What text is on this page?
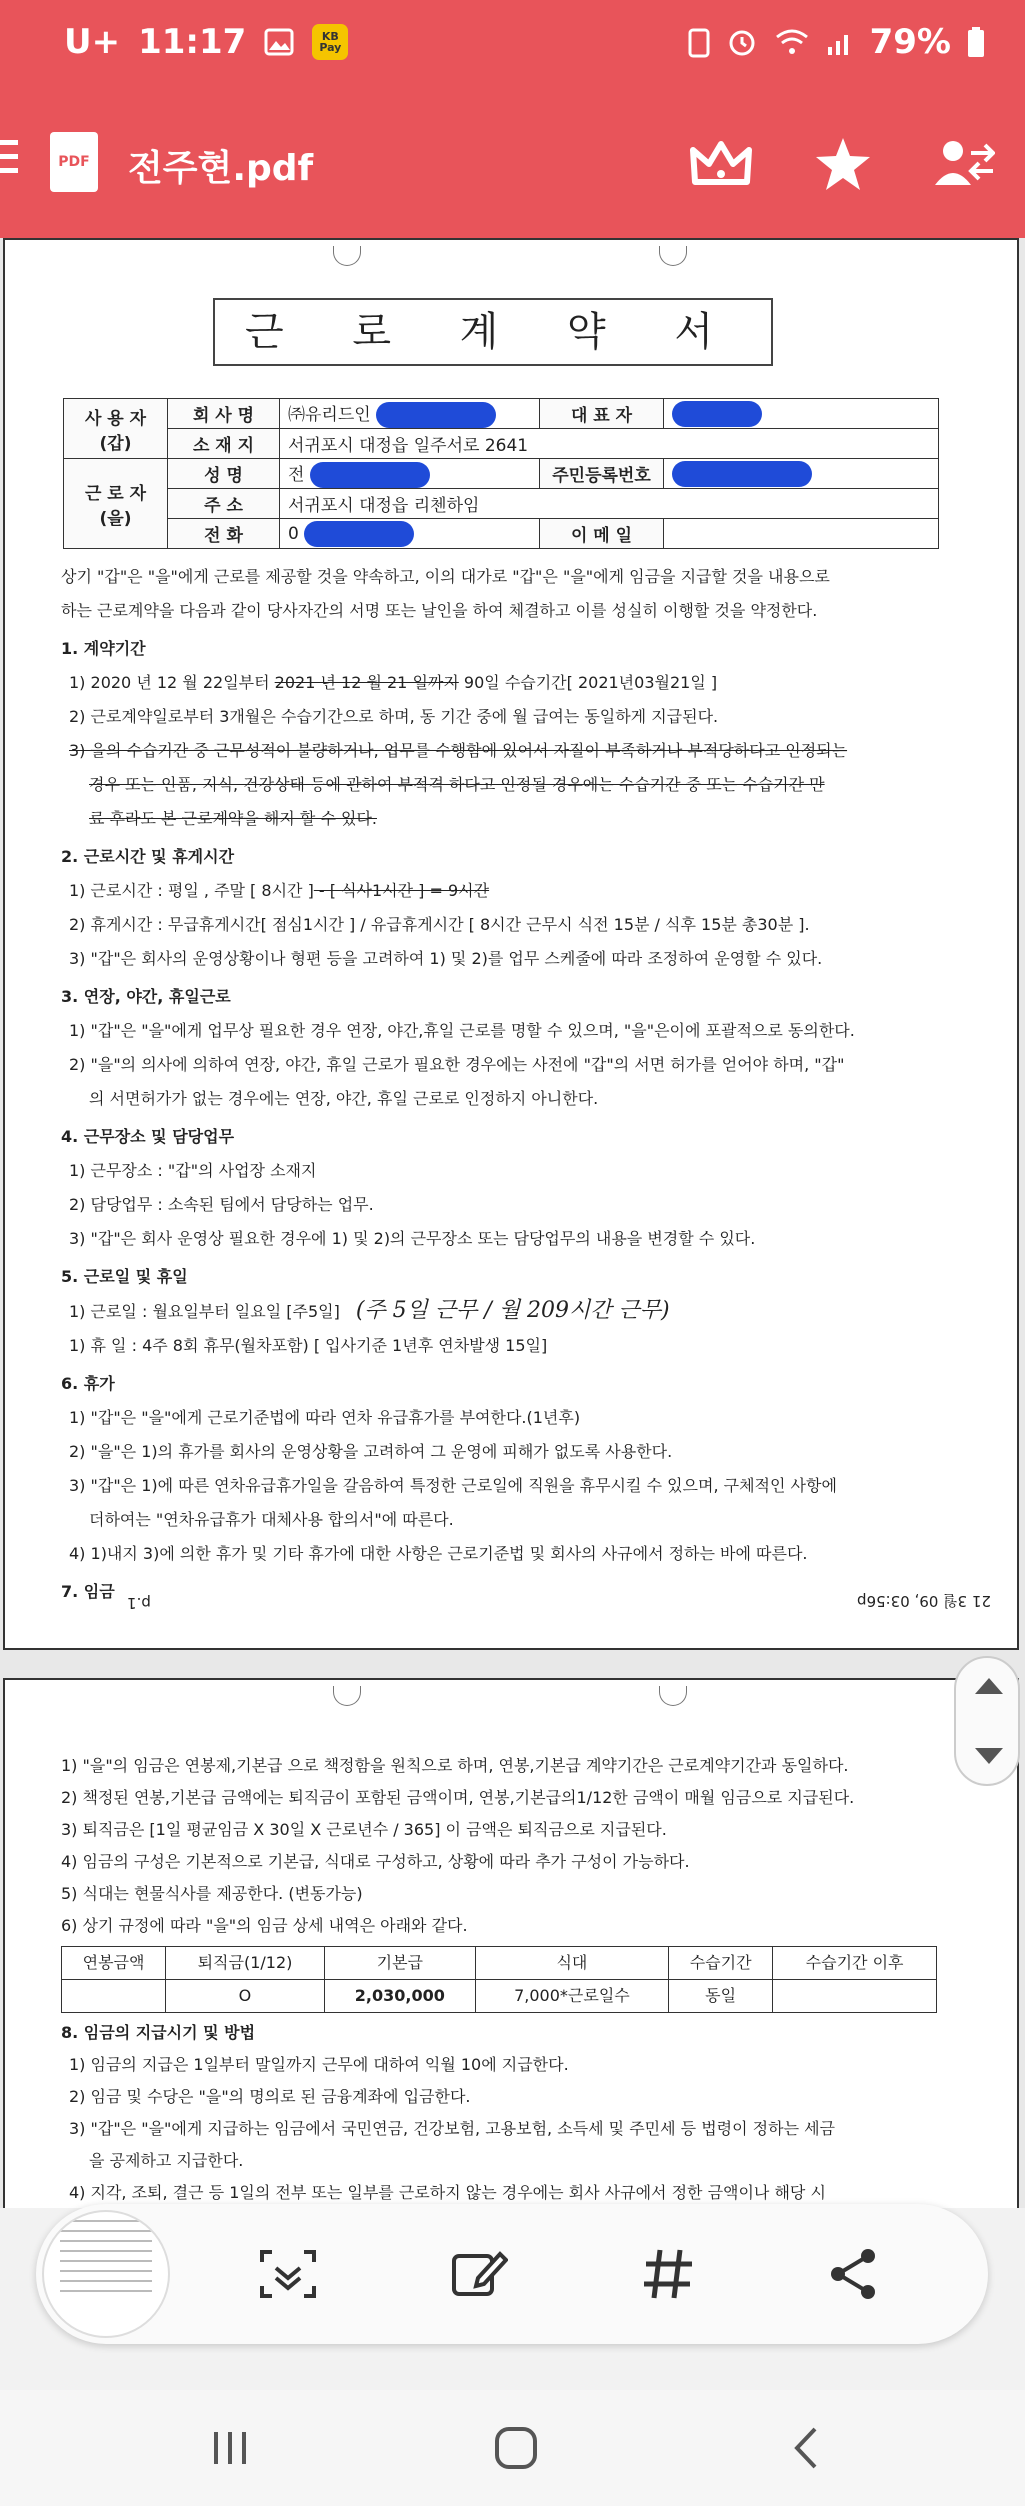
U+ 11:17	KB Pay	79%
PDF 전주현.pdf
근 로 계 약 서
사 용 자
(갑)	회 사 명	㈜유리드인	대 표 자	
	소 재 지	서귀포시 대정읍 일주서로 2641		
근 로 자
(을)	성 명	전	주민등록번호	
	주 소	서귀포시 대정읍 리첸하임		
	전 화	0	이 메 일	

상기 "갑"은 "을"에게 근로를 제공할 것을 약속하고, 이의 대가로 "갑"은 "을"에게 임금을 지급할 것을 내용으로

하는 근로계약을 다음과 같이 당사자간의 서명 또는 날인을 하여 체결하고 이를 성실히 이행할 것을 약정한다.

1. 계약기간

1) 2020 년 12 월 22일부터 2021 년 12 월 21 일까지 90일 수습기간[ 2021년03월21일 ]

2) 근로계약일로부터 3개월은 수습기간으로 하며, 동 기간 중에 월 급여는 동일하게 지급된다.

3) 을의 수습기간 중 근무성적이 불량하거나, 업무를 수행함에 있어서 자질이 부족하거나 부적당하다고 인정되는

경우 또는 인품, 지식, 건강상태 등에 관하여 부적격 하다고 인정될 경우에는 수습기간 중 또는 수습기간 만

료 후라도 본 근로계약을 해지 할 수 있다.

2. 근로시간 및 휴게시간

1) 근로시간 : 평일 , 주말 [ 8시간 ] - [ 식사1시간 ] = 9시간

2) 휴게시간 : 무급휴게시간[ 점심1시간 ] / 유급휴게시간 [ 8시간 근무시 식전 15분 / 식후 15분 총30분 ].

3) "갑"은 회사의 운영상황이나 형편 등을 고려하여 1) 및 2)를 업무 스케줄에 따라 조정하여 운영할 수 있다.

3. 연장, 야간, 휴일근로

1) "갑"은 "을"에게 업무상 필요한 경우 연장, 야간,휴일 근로를 명할 수 있으며, "을"은이에 포괄적으로 동의한다.

2) "을"의 의사에 의하여 연장, 야간, 휴일 근로가 필요한 경우에는 사전에 "갑"의 서면 허가를 얻어야 하며, "갑"

의 서면허가가 없는 경우에는 연장, 야간, 휴일 근로로 인정하지 아니한다.

4. 근무장소 및 담당업무

1) 근무장소 : "갑"의 사업장 소재지

2) 담당업무 : 소속된 팀에서 담당하는 업무.

3) "갑"은 회사 운영상 필요한 경우에 1) 및 2)의 근무장소 또는 담당업무의 내용을 변경할 수 있다.

5. 근로일 및 휴일

1) 근로일 : 월요일부터 일요일 [주5일] (주 5일 근무 / 월 209시간 근무)

1) 휴 일 : 4주 8회 휴무(월차포함) [ 입사기준 1년후 연차발생 15일]

6. 휴가

1) "갑"은 "을"에게 근로기준법에 따라 연차 유급휴가를 부여한다.(1년후)

2) "을"은 1)의 휴가를 회사의 운영상황을 고려하여 그 운영에 피해가 없도록 사용한다.

3) "갑"은 1)에 따른 연차유급휴가일을 갈음하여 특정한 근로일에 직원을 휴무시킬 수 있으며, 구체적인 사항에

더하여는 "연차유급휴가 대체사용 합의서"에 따른다.

4) 1)내지 3)에 의한 휴가 및 기타 휴가에 대한 사항은 근로기준법 및 회사의 사규에서 정하는 바에 따른다.

7. 임금

p.1	21 3월 09, 03:56p

1) "을"의 임금은 연봉제,기본급 으로 책정함을 원칙으로 하며, 연봉,기본급 계약기간은 근로계약기간과 동일하다.

2) 책정된 연봉,기본급 금액에는 퇴직금이 포함된 금액이며, 연봉,기본급의1/12한 금액이 매월 임금으로 지급된다.

3) 퇴직금은 [1일 평균임금 X 30일 X 근로년수 / 365] 이 금액은 퇴직금으로 지급된다.

4) 임금의 구성은 기본적으로 기본급, 식대로 구성하고, 상황에 따라 추가 구성이 가능하다.

5) 식대는 현물식사를 제공한다. (변동가능)

6) 상기 규정에 따라 "을"의 임금 상세 내역은 아래와 같다.

연봉금액	퇴직금(1/12)	기본급	식대	수습기간	수습기간 이후
	O	2,030,000	7,000*근로일수	동일	

8. 임금의 지급시기 및 방법

1) 임금의 지급은 1일부터 말일까지 근무에 대하여 익월 10에 지급한다.

2) 임금 및 수당은 "을"의 명의로 된 금융계좌에 입금한다.

3) "갑"은 "을"에게 지급하는 임금에서 국민연금, 건강보험, 고용보험, 소득세 및 주민세 등 법령이 정하는 세금

을 공제하고 지급한다.

4) 지각, 조퇴, 결근 등 1일의 전부 또는 일부를 근로하지 않는 경우에는 회사 사규에서 정한 금액이나 해당 시
